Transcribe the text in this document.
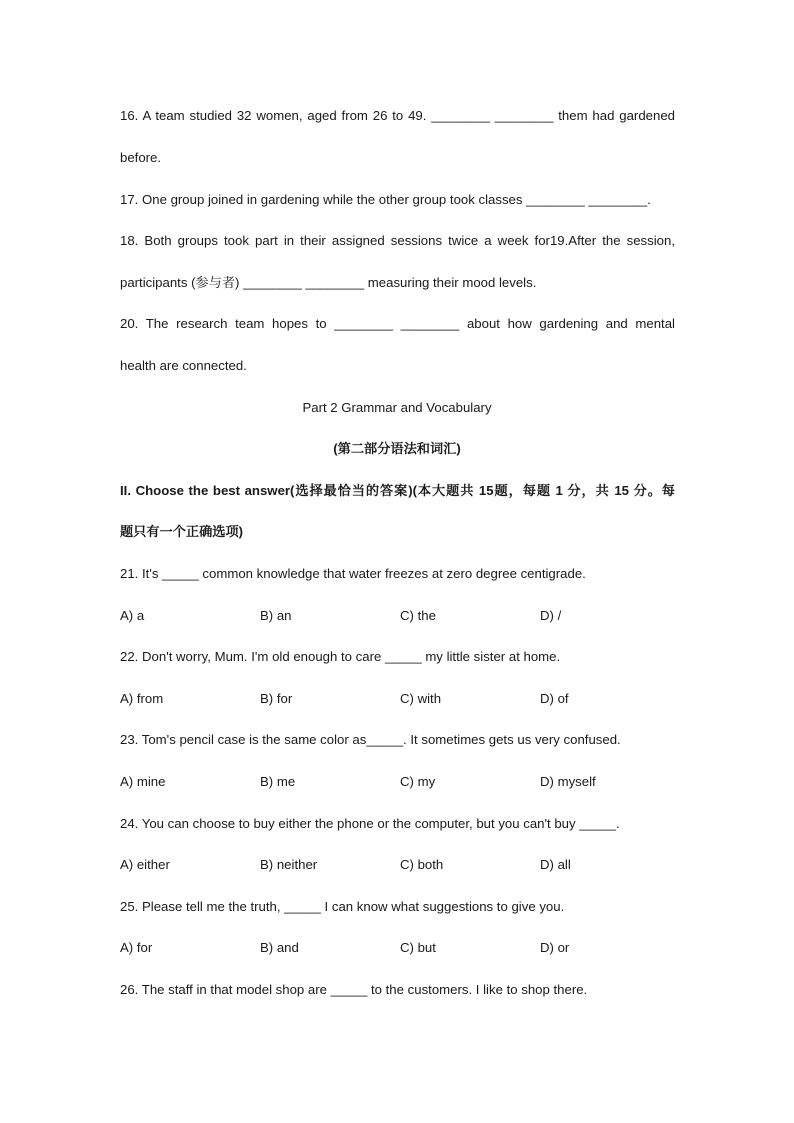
16. A team studied 32 women, aged from 26 to 49. ________ ________ them had gardened
before.
17. One group joined in gardening while the other group took classes ________ ________.
18. Both groups took part in their assigned sessions twice a week for19.After the session,
participants (参与者) ________ ________ measuring their mood levels.
20. The research team hopes to ________ ________ about how gardening and mental
health are connected.
Part 2 Grammar and Vocabulary
(第二部分语法和词汇)
II. Choose the best answer(选择最恰当的答案)(本大题共 15题，每题 1 分，共 15 分。每
题只有一个正确选项)
21. It's _____ common knowledge that water freezes at zero degree centigrade.
A) a	B) an	C) the	D) /
22. Don't worry, Mum. I'm old enough to care _____ my little sister at home.
A) from	B) for	C) with	D) of
23. Tom's pencil case is the same color as_____. It sometimes gets us very confused.
A) mine	B) me	C) my	D) myself
24. You can choose to buy either the phone or the computer, but you can't buy _____.
A) either	B) neither	C) both	D) all
25. Please tell me the truth, _____ I can know what suggestions to give you.
A) for	B) and	C) but	D) or
26. The staff in that model shop are _____ to the customers. I like to shop there.
